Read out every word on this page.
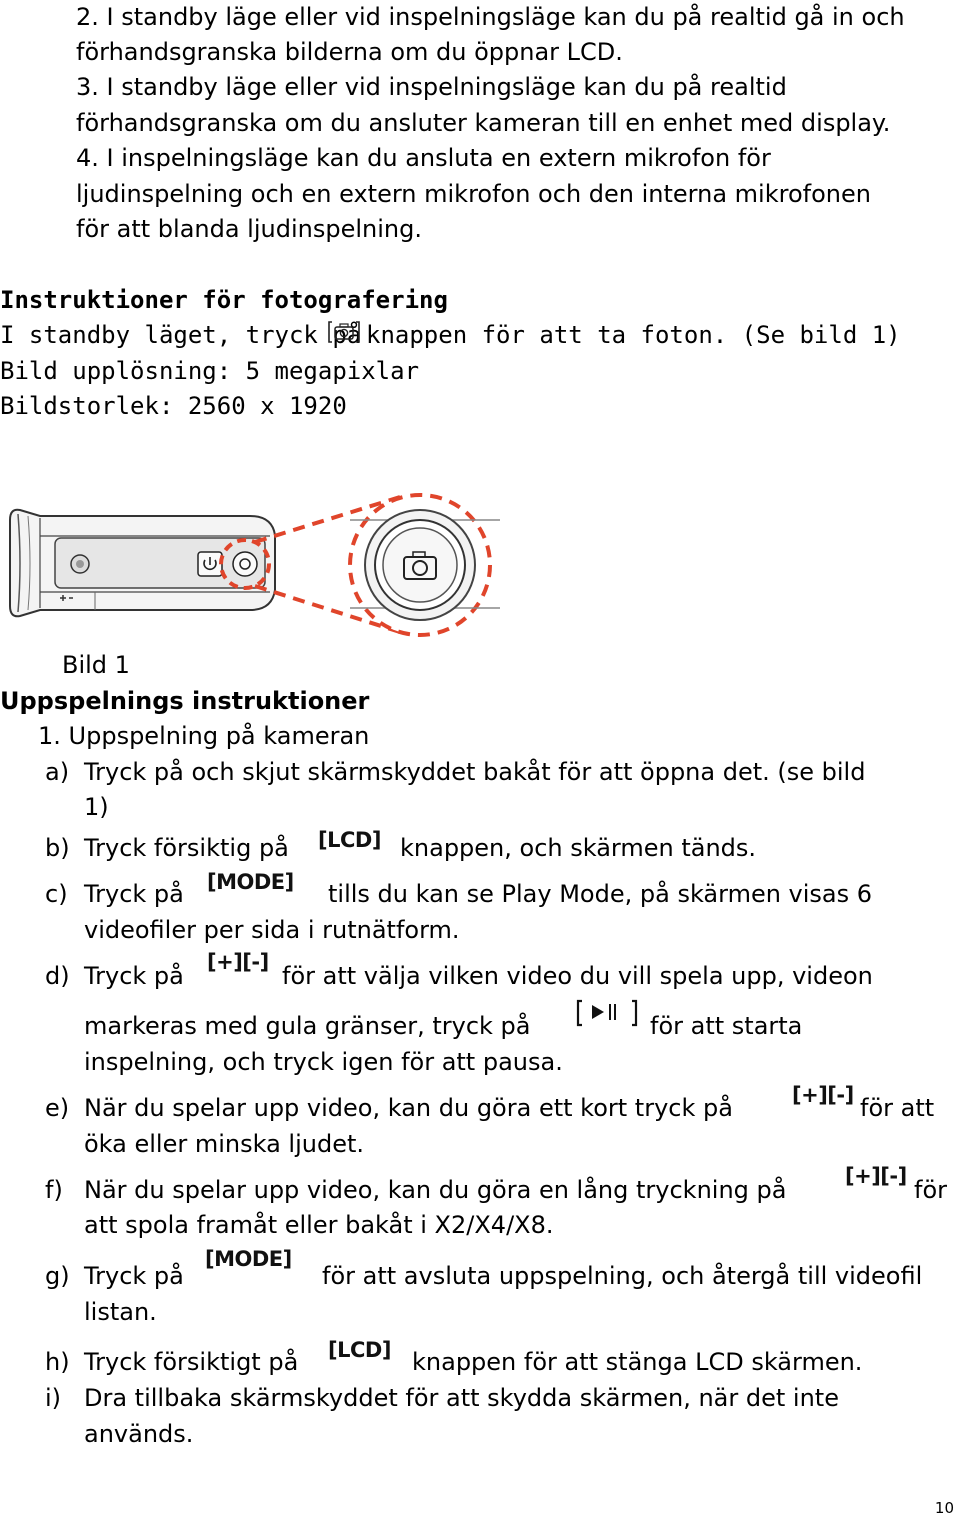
2. I standby läge eller vid inspelningsläge kan du på realtid gå in och
förhandsgranska bilderna om du öppnar LCD.
3. I standby läge eller vid inspelningsläge kan du på realtid
förhandsgranska om du ansluter kameran till en enhet med display.
4. I inspelningsläge kan du ansluta en extern mikrofon för
ljudinspelning och en extern mikrofon och den interna mikrofonen
för att blanda ljudinspelning.
Instruktioner för fotografering
I standby läget, tryck på knappen för att ta foton. (Se bild 1)
Bild upplösning: 5 megapixlar
Bildstorlek: 2560 x 1920
Bild 1
Uppspelnings instruktioner
1. Uppspelning på kameran
a) Tryck på och skjut skärmskyddet bakåt för att öppna det. (se bild
1)
b) Tryck försiktig på [LCD] knappen, och skärmen tänds.
c) Tryck på [MODE] tills du kan se Play Mode, på skärmen visas 6
videofiler per sida i rutnätform.
d) Tryck på [+][-] för att välja vilken video du vill spela upp, videon
markeras med gula gränser, tryck på	för att starta
inspelning, och tryck igen för att pausa.
e) När du spelar upp video, kan du göra ett kort tryck på	[+][-] för att
öka eller minska ljudet.
f) När du spelar upp video, kan du göra en lång tryckning på	[+][-] för
att spola framåt eller bakåt i X2/X4/X8.
g) Tryck på
[MODE]
för att avsluta uppspelning, och återgå till videofil
listan.
h) Tryck försiktigt på [LCD] knappen för att stänga LCD skärmen.
i) Dra tillbaka skärmskyddet för att skydda skärmen, när det inte
används.
10
